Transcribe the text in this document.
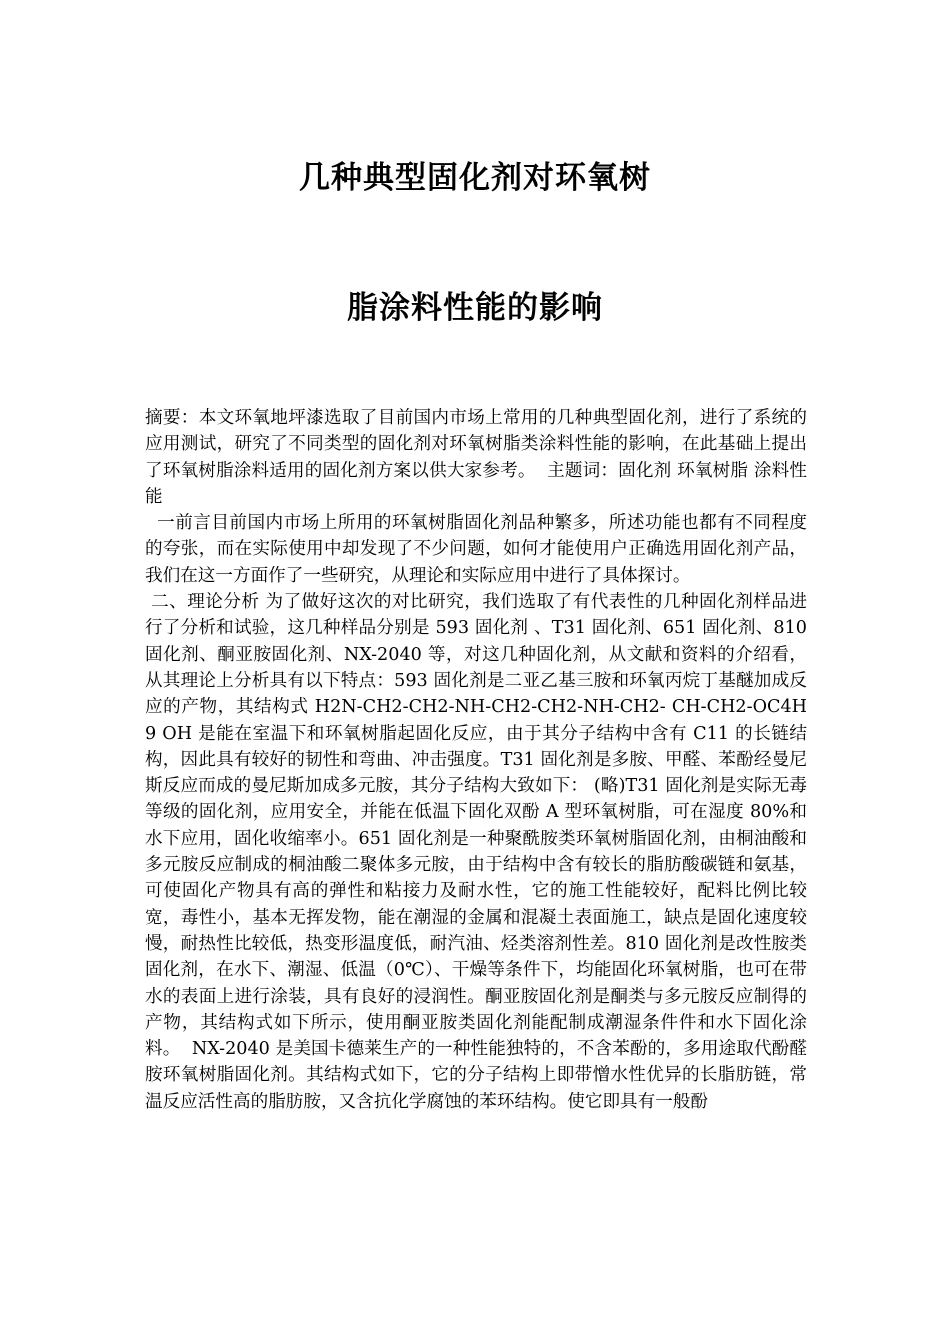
几种典型固化剂对环氧树
脂涂料性能的影响

摘要：本文环氧地坪漆选取了目前国内市场上常用的几种典型固化剂，进行了系统的应用测试，研究了不同类型的固化剂对环氧树脂类涂料性能的影响，在此基础上提出了环氧树脂涂料适用的固化剂方案以供大家参考。  主题词：固化剂 环氧树脂 涂料性能

一前言目前国内市场上所用的环氧树脂固化剂品种繁多，所述功能也都有不同程度的夸张，而在实际使用中却发现了不少问题，如何才能使用户正确选用固化剂产品，我们在这一方面作了一些研究，从理论和实际应用中进行了具体探讨。

二、理论分析 为了做好这次的对比研究，我们选取了有代表性的几种固化剂样品进行了分析和试验，这几种样品分别是 593 固化剂 、T31 固化剂、651 固化剂、810 固化剂、酮亚胺固化剂、NX-2040 等，对这几种固化剂，从文献和资料的介绍看，从其理论上分析具有以下特点：593 固化剂是二亚乙基三胺和环氧丙烷丁基醚加成反应的产物，其结构式 H2N-CH2-CH2-NH-CH2-CH2-NH-CH2- CH-CH2-OC4H9 OH 是能在室温下和环氧树脂起固化反应，由于其分子结构中含有 C11 的长链结构，因此具有较好的韧性和弯曲、冲击强度。T31 固化剂是多胺、甲醛、苯酚经曼尼斯反应而成的曼尼斯加成多元胺，其分子结构大致如下： (略)T31 固化剂是实际无毒等级的固化剂，应用安全，并能在低温下固化双酚 A 型环氧树脂，可在湿度 80%和水下应用，固化收缩率小。651 固化剂是一种聚酰胺类环氧树脂固化剂，由桐油酸和多元胺反应制成的桐油酸二聚体多元胺，由于结构中含有较长的脂肪酸碳链和氨基，可使固化产物具有高的弹性和粘接力及耐水性，它的施工性能较好，配料比例比较宽，毒性小，基本无挥发物，能在潮湿的金属和混凝土表面施工，缺点是固化速度较慢，耐热性比较低，热变形温度低，耐汽油、烃类溶剂性差。810 固化剂是改性胺类固化剂，在水下、潮湿、低温（0℃）、干燥等条件下，均能固化环氧树脂，也可在带水的表面上进行涂装，具有良好的浸润性。酮亚胺固化剂是酮类与多元胺反应制得的产物，其结构式如下所示，使用酮亚胺类固化剂能配制成潮湿条件件和水下固化涂料。  NX-2040 是美国卡德莱生产的一种性能独特的，不含苯酚的，多用途取代酚醛胺环氧树脂固化剂。其结构式如下，它的分子结构上即带憎水性优异的长脂肪链，常温反应活性高的脂肪胺，又含抗化学腐蚀的苯环结构。使它即具有一般酚
